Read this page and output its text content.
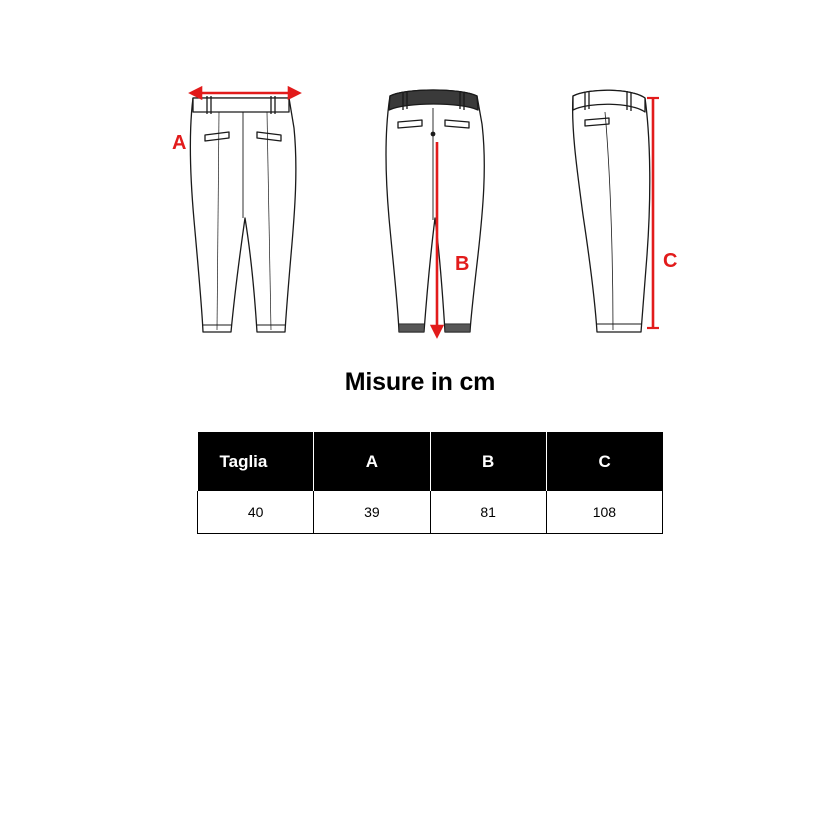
A
B	C
Misure in cm
Taglia	A	B	C
40	39	81	108
